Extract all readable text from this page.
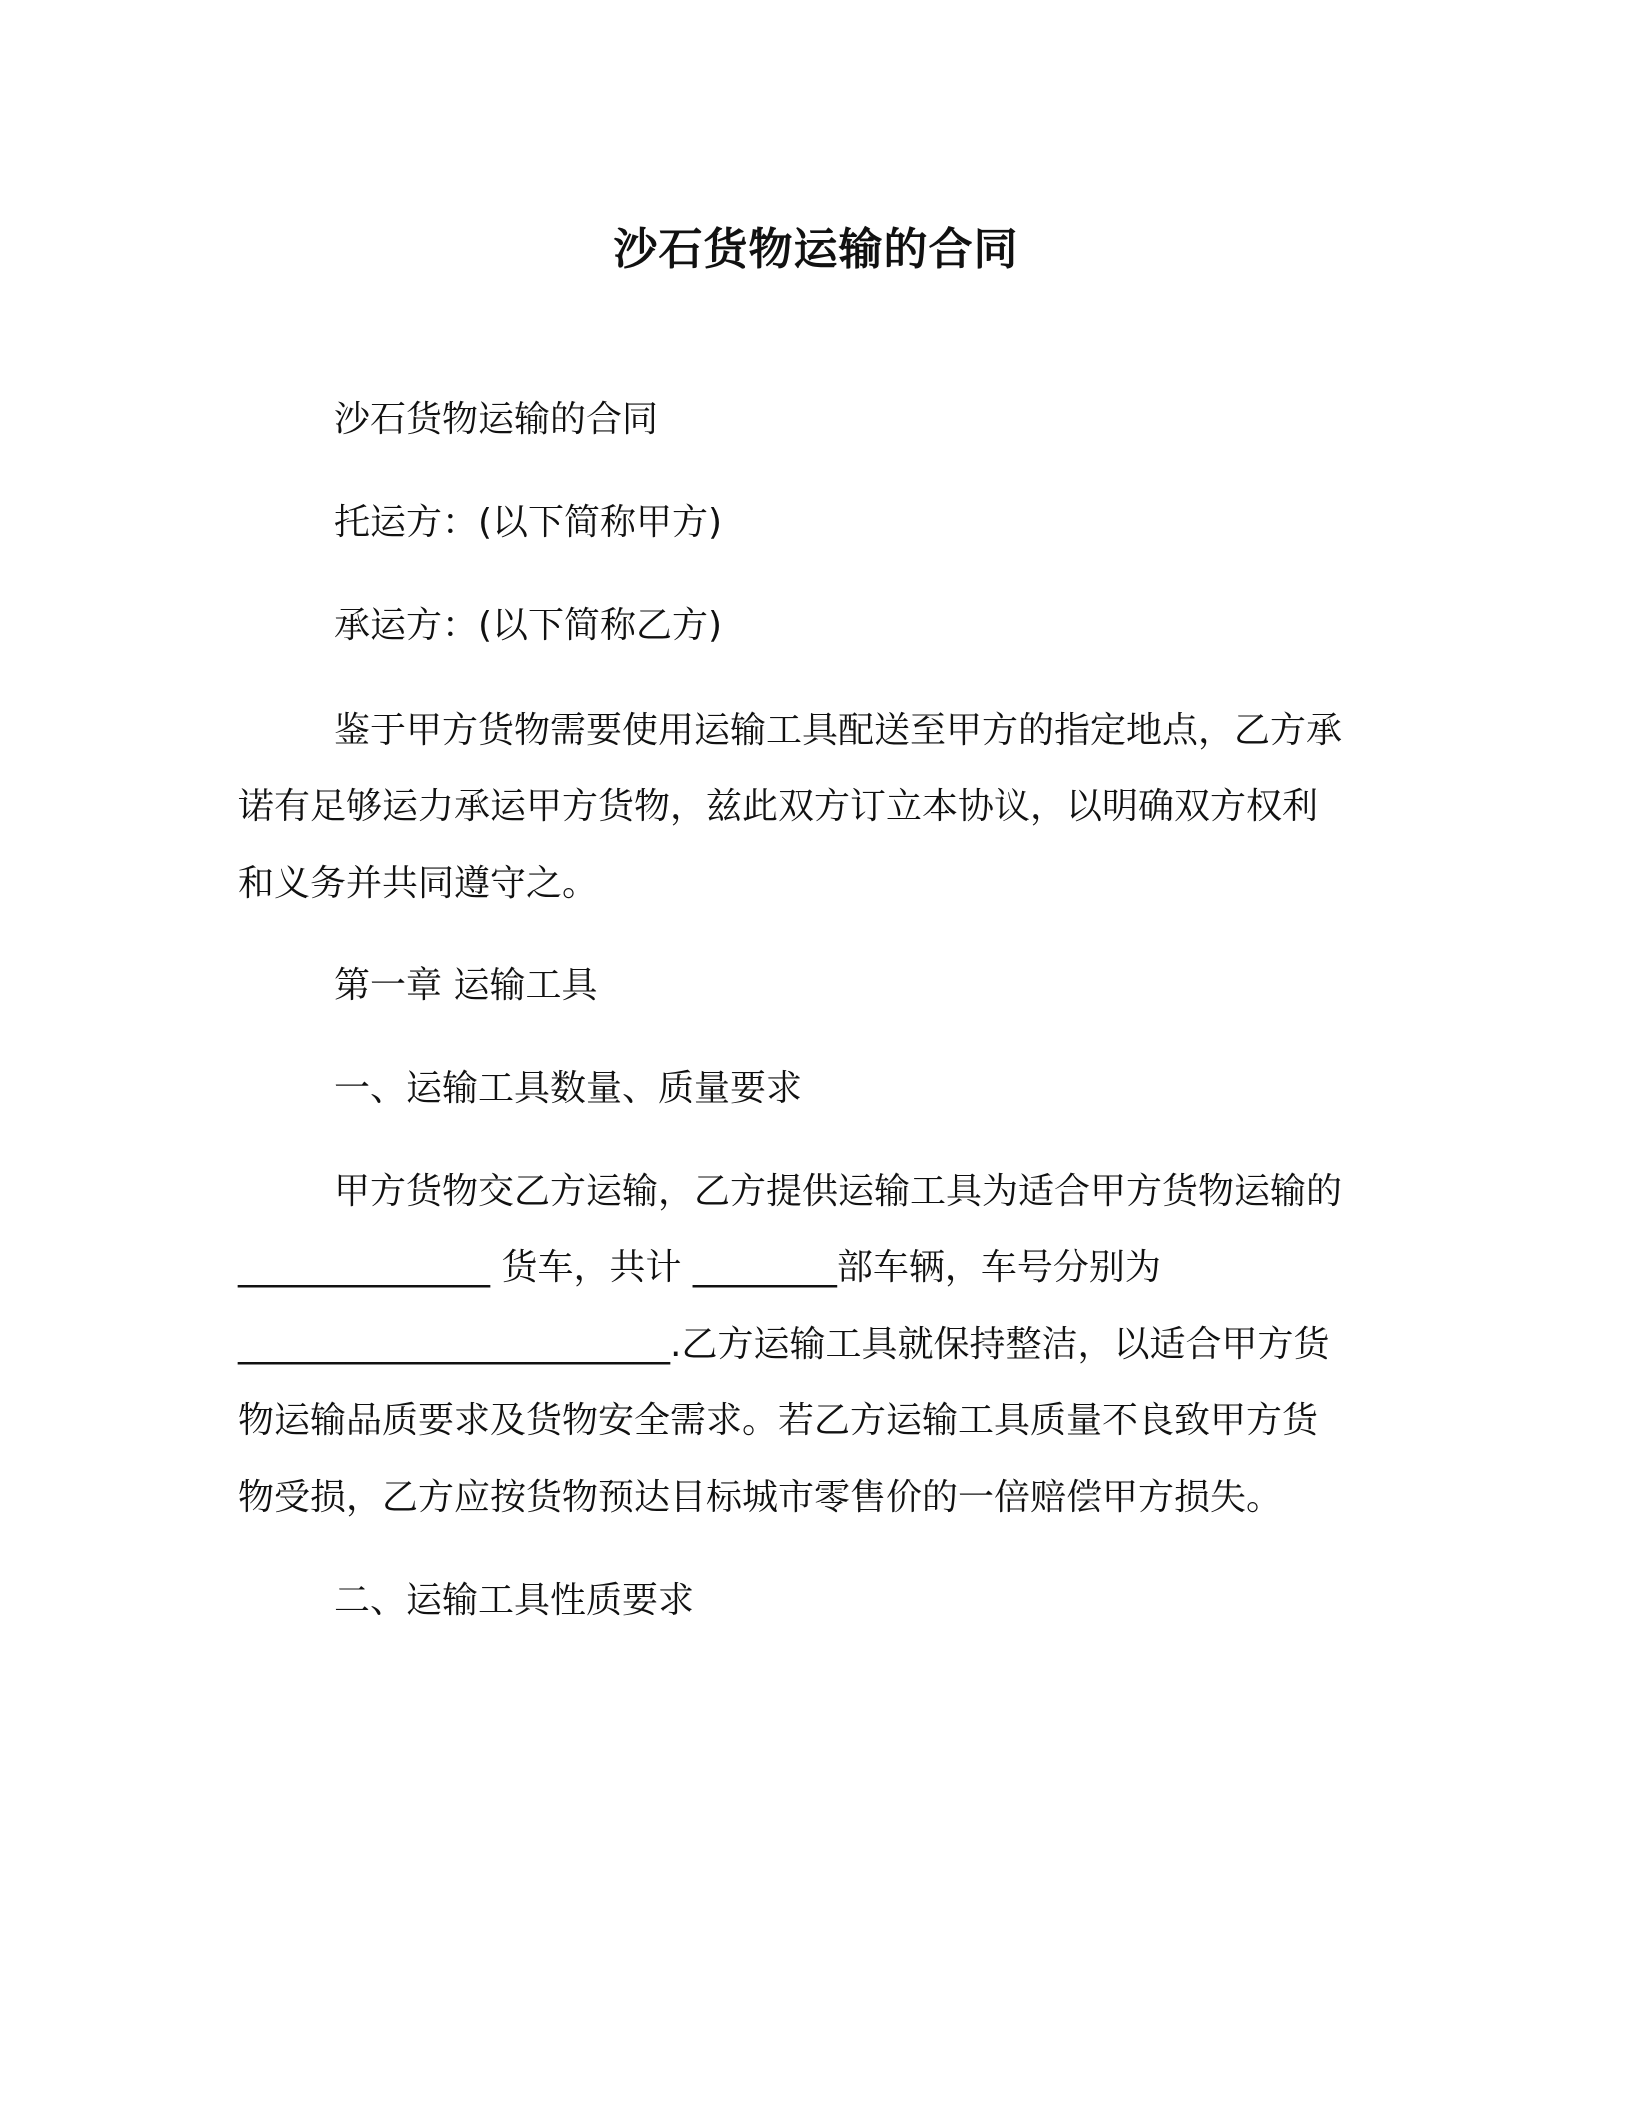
沙石货物运输的合同
沙石货物运输的合同
托运方：(以下简称甲方)
承运方：(以下简称乙方)
鉴于甲方货物需要使用运输工具配送至甲方的指定地点，乙方承
诺有足够运力承运甲方货物，兹此双方订立本协议，以明确双方权利
和义务并共同遵守之。
第一章 运输工具
一、运输工具数量、质量要求
甲方货物交乙方运输，乙方提供运输工具为适合甲方货物运输的
______________ 货车，共计 ________部车辆，车号分别为
________________________.乙方运输工具就保持整洁，以适合甲方货
物运输品质要求及货物安全需求。若乙方运输工具质量不良致甲方货
物受损，乙方应按货物预达目标城市零售价的一倍赔偿甲方损失。
二、运输工具性质要求
